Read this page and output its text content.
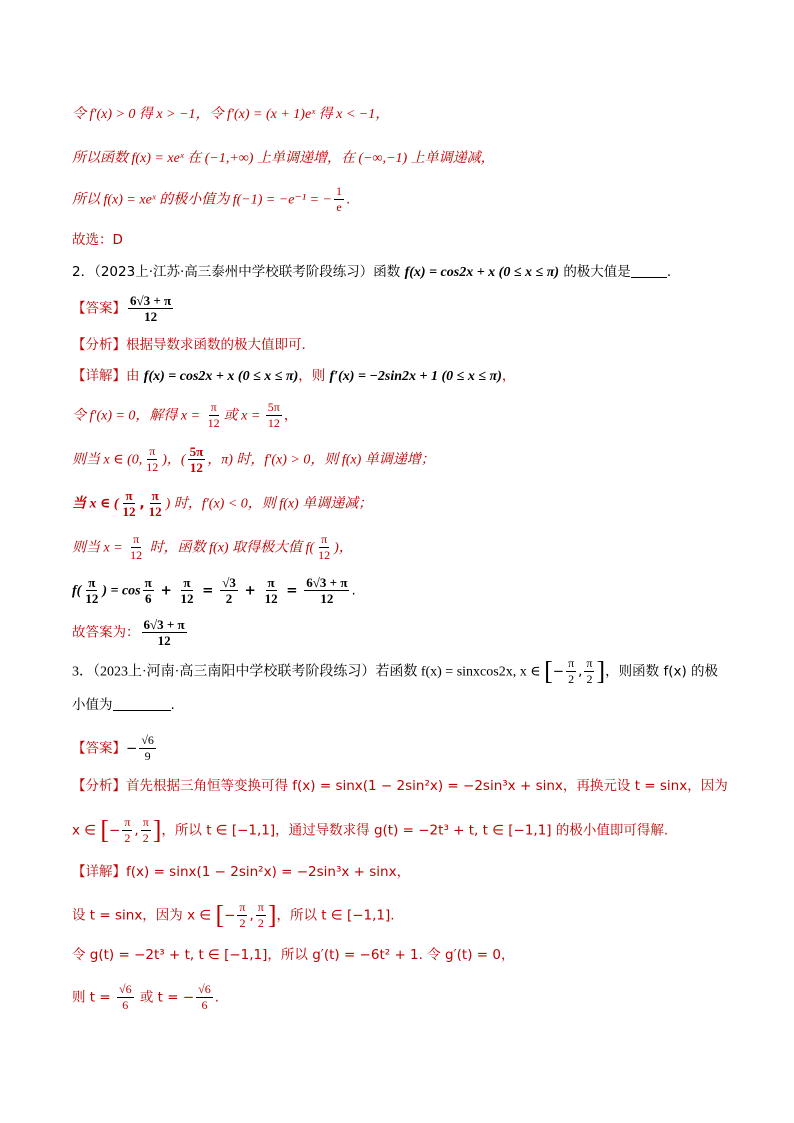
令 f′(x) > 0 得 x > −1，令 f′(x) = (x + 1)eˣ 得 x < −1，
所以函数 f(x) = xeˣ 在 (−1,+∞) 上单调递增，在 (−∞,−1) 上单调递减，
所以 f(x) = xeˣ 的极小值为 f(−1) = −e⁻¹ = − $\frac{1}{e}$ .
故选：D
2．（2023上·江苏·高三泰州中学校联考阶段练习）函数 f(x) = cos2x + x (0 ≤ x ≤ π) 的极大值是	.
【答案】 $\frac{6√3 + \pi}{12}$
【分析】根据导数求函数的极大值即可.
【详解】由 f(x) = cos2x + x (0 ≤ x ≤ π)，则 f′(x) = −2sin2x + 1 (0 ≤ x ≤ π)，
令 f′(x) = 0，解得 $x = \frac{\pi}{12}$ 或 $x = \frac{5\pi}{12}$ ，
则当 x ∈ (0, $\frac{\pi}{12}$ )，( $\frac{5\pi}{12}$ ，π) 时，f′(x) > 0，则 f(x) 单调递增；
当 x ∈ ( $\frac{\pi}{12}$ , $\frac{\pi}{12}$ ) 时，f′(x) < 0，则 f(x) 单调递减；
则当 $x = \frac{\pi}{12}$ 时，函数 f(x) 取得极大值 $f( \frac{\pi}{12}$ )，
$f( \frac{\pi}{12}$ ) = $\cos \frac{\pi}{6} + \frac{\pi}{12} = \frac{√3}{2} + \frac{\pi}{12} = \frac{6√3 + \pi}{12}$ .
故答案为： $\frac{6√3 + \pi}{12}$
3．（2023上·河南·高三南阳中学校联考阶段练习）若函数 f(x) = sinxcos2x, x ∈ [− $\frac{\pi}{2}$ , $\frac{\pi}{2}$ ]，则函数 f(x) 的极
小值为	.
【答案】− $\frac{√6}{9}$
【分析】首先根据三角恒等变换可得 f(x) = sinx(1 − 2sin²x) = −2sin³x + sinx，再换元设 t = sinx，因为
x ∈ [− $\frac{\pi}{2}$ , $\frac{\pi}{2}$ ]，所以 t ∈ [−1,1]，通过导数求得 g(t) = −2t³ + t, t ∈ [−1,1] 的极小值即可得解.
【详解】f(x) = sinx(1 − 2sin²x) = −2sin³x + sinx，
设 t = sinx，因为 x ∈ [− $\frac{\pi}{2}$ , $\frac{\pi}{2}$ ]，所以 t ∈ [−1,1].
令 g(t) = −2t³ + t, t ∈ [−1,1]，所以 g′(t) = −6t² + 1. 令 g′(t) = 0，
则 $t = \frac{√6}{6}$ 或 t = − $\frac{√6}{6}$ .
